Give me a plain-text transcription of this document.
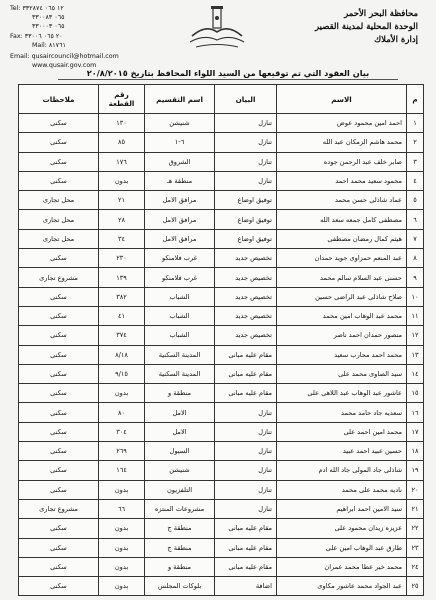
محافظة البحر الأحمر
الوحدة المحلية لمدينة القصير
إدارة الأملاك
Tel: ١٢ ٠٦٥ ٣٣٢٨٧٤
٠٦٥ ٣٣٠٠٨٣
٠٦٥ ٣٣٠٠٠٣
Fax: ٢٠ ٠٦٥ ٣٣٠٠٦
Mail: ٨١٧٦١
Email: qusaircouncil@hotmail.com
www.qusair.gov.com
بيان العقود التي تم توقيعها من السيد اللواء المحافظ بتاريخ ٢٠/٨/٢٠١٥
م	الاسم	البيان	اسم التقسيم	رقم القطعة	ملاحظات
١	احمد امين محمود عوض	تنازل	شنيشن	١٣٠	سكنى
٢	محمد هاشم الزمكان عبد الله	تنازل	٦-١	٨٥	سكنى
٣	صابر خلف عبد الرحمن جوده	تنازل	الشروق	١٧٦	سكنى
٤	محمود سعيد محمد احمد	تنازل	منطقة هـ	بدون	سكنى
٥	عماد شاذلى حسن محمد	توفيق اوضاع	مرافق الامل	٢١	محل تجارى
٦	مصطفى كامل جمعه سعد الله	توفيق اوضاع	مرافق الامل	٢٨	محل تجارى
٧	هيثم كمال رمضان مصطفى	توفيق اوضاع	مرافق الامل	٣٤	محل تجارى
٨	عبد المنعم حمزاوى جويد حمدان	تخصيص جديد	غرب فلامنكو	٢٣٠	سكنى
٩	حسنى عبد السلام سالم محمد	تخصيص جديد	غرب فلامنكو	١٣٩	مشروع تجارى
١٠	صلاح شاذلى عبد الراضى حسين	تخصيص جديد	الشباب	٣٨٢	سكنى
١١	محمد عبد الوهاب امين محمد	تخصيص جديد	الشباب	٤١	سكنى
١٢	منصور حمدان احمد ناصر	تخصيص جديد	الشباب	٣٧٤	سكنى
١٣	محمد احمد محارب سعيد	مقام عليه مبانى	المدينة السكنية	٨/١٨	سكنى
١٤	سيد الصاوى محمد على	مقام عليه مبانى	المدينة السكنية	٩/١٥	سكنى
١٥	عاشور عبد الوهاب عبد اللاهى على	مقام عليه مبانى	منطقة و	بدون	سكنى
١٦	سعديه جاد حامد محمد	تنازل	الامل	٨٠	سكنى
١٧	محمد امين احمد على	تنازل	الامل	٣٠٤	سكنى
١٨	حسين عبيد احمد عبيد	تنازل	السيول	٢٦٩	سكنى
١٩	شاذلى جاد المولى جاد الله ادم	تنازل	شنيشن	١٦٤	سكنى
٢٠	ناديه محمد على محمد	تنازل	التلفزيون	بدون	سكنى
٢١	سيد الامين احمد ابراهيم	تنازل	مشروعات المنتزه	٦٦	مشروع تجارى
٢٢	عزيزه زيدان محمود على	مقام عليه مبانى	منطقة ج	بدون	سكنى
٢٣	طارق عبد الوهاب امين على	مقام عليه مبانى	منطقة ج	بدون	سكنى
٢٤	محمد خير عطا محمد عمران	مقام عليه مبانى	منطقة و	بدون	سكنى
٢٥	عبد الجواد محمد عاشور مكاوى	اضافة	بلوكات المجلس	بدون	سكنى
